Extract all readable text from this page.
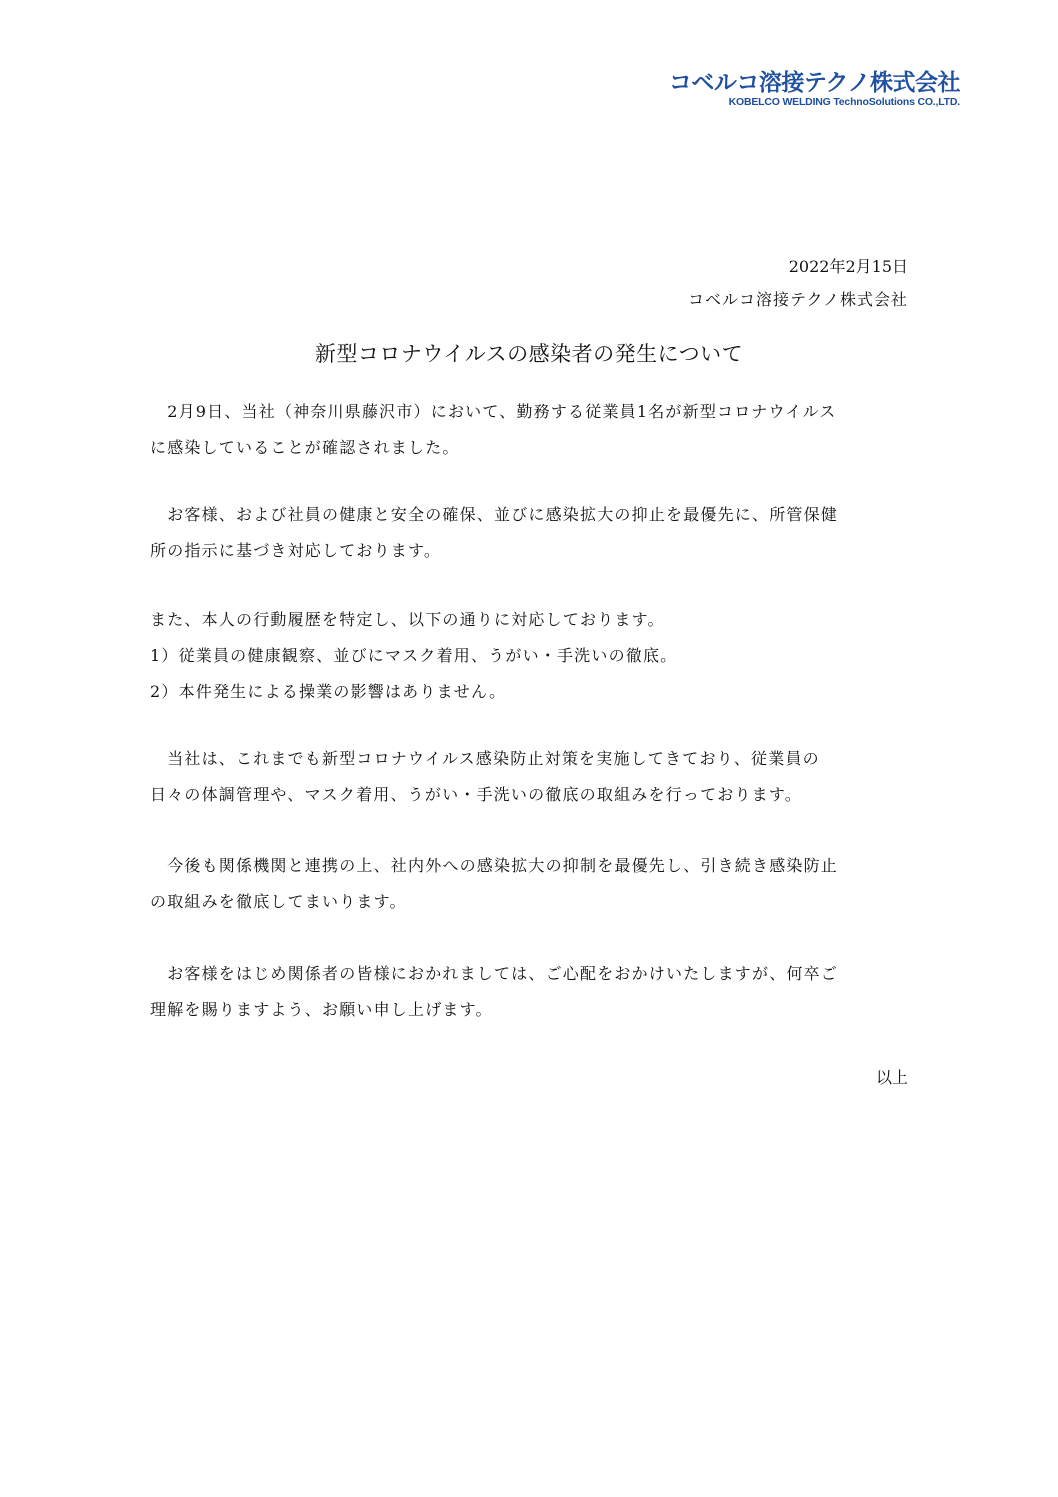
コベルコ溶接テクノ株式会社
KOBELCO WELDING TechnoSolutions CO.,LTD.
2022年2月15日
コベルコ溶接テクノ株式会社
新型コロナウイルスの感染者の発生について
　2月9日、当社（神奈川県藤沢市）において、勤務する従業員1名が新型コロナウイルス
に感染していることが確認されました。
　お客様、および社員の健康と安全の確保、並びに感染拡大の抑止を最優先に、所管保健
所の指示に基づき対応しております。
また、本人の行動履歴を特定し、以下の通りに対応しております。
1）従業員の健康観察、並びにマスク着用、うがい・手洗いの徹底。
2）本件発生による操業の影響はありません。
　当社は、これまでも新型コロナウイルス感染防止対策を実施してきており、従業員の
日々の体調管理や、マスク着用、うがい・手洗いの徹底の取組みを行っております。
　今後も関係機関と連携の上、社内外への感染拡大の抑制を最優先し、引き続き感染防止
の取組みを徹底してまいります。
　お客様をはじめ関係者の皆様におかれましては、ご心配をおかけいたしますが、何卒ご
理解を賜りますよう、お願い申し上げます。
以上
